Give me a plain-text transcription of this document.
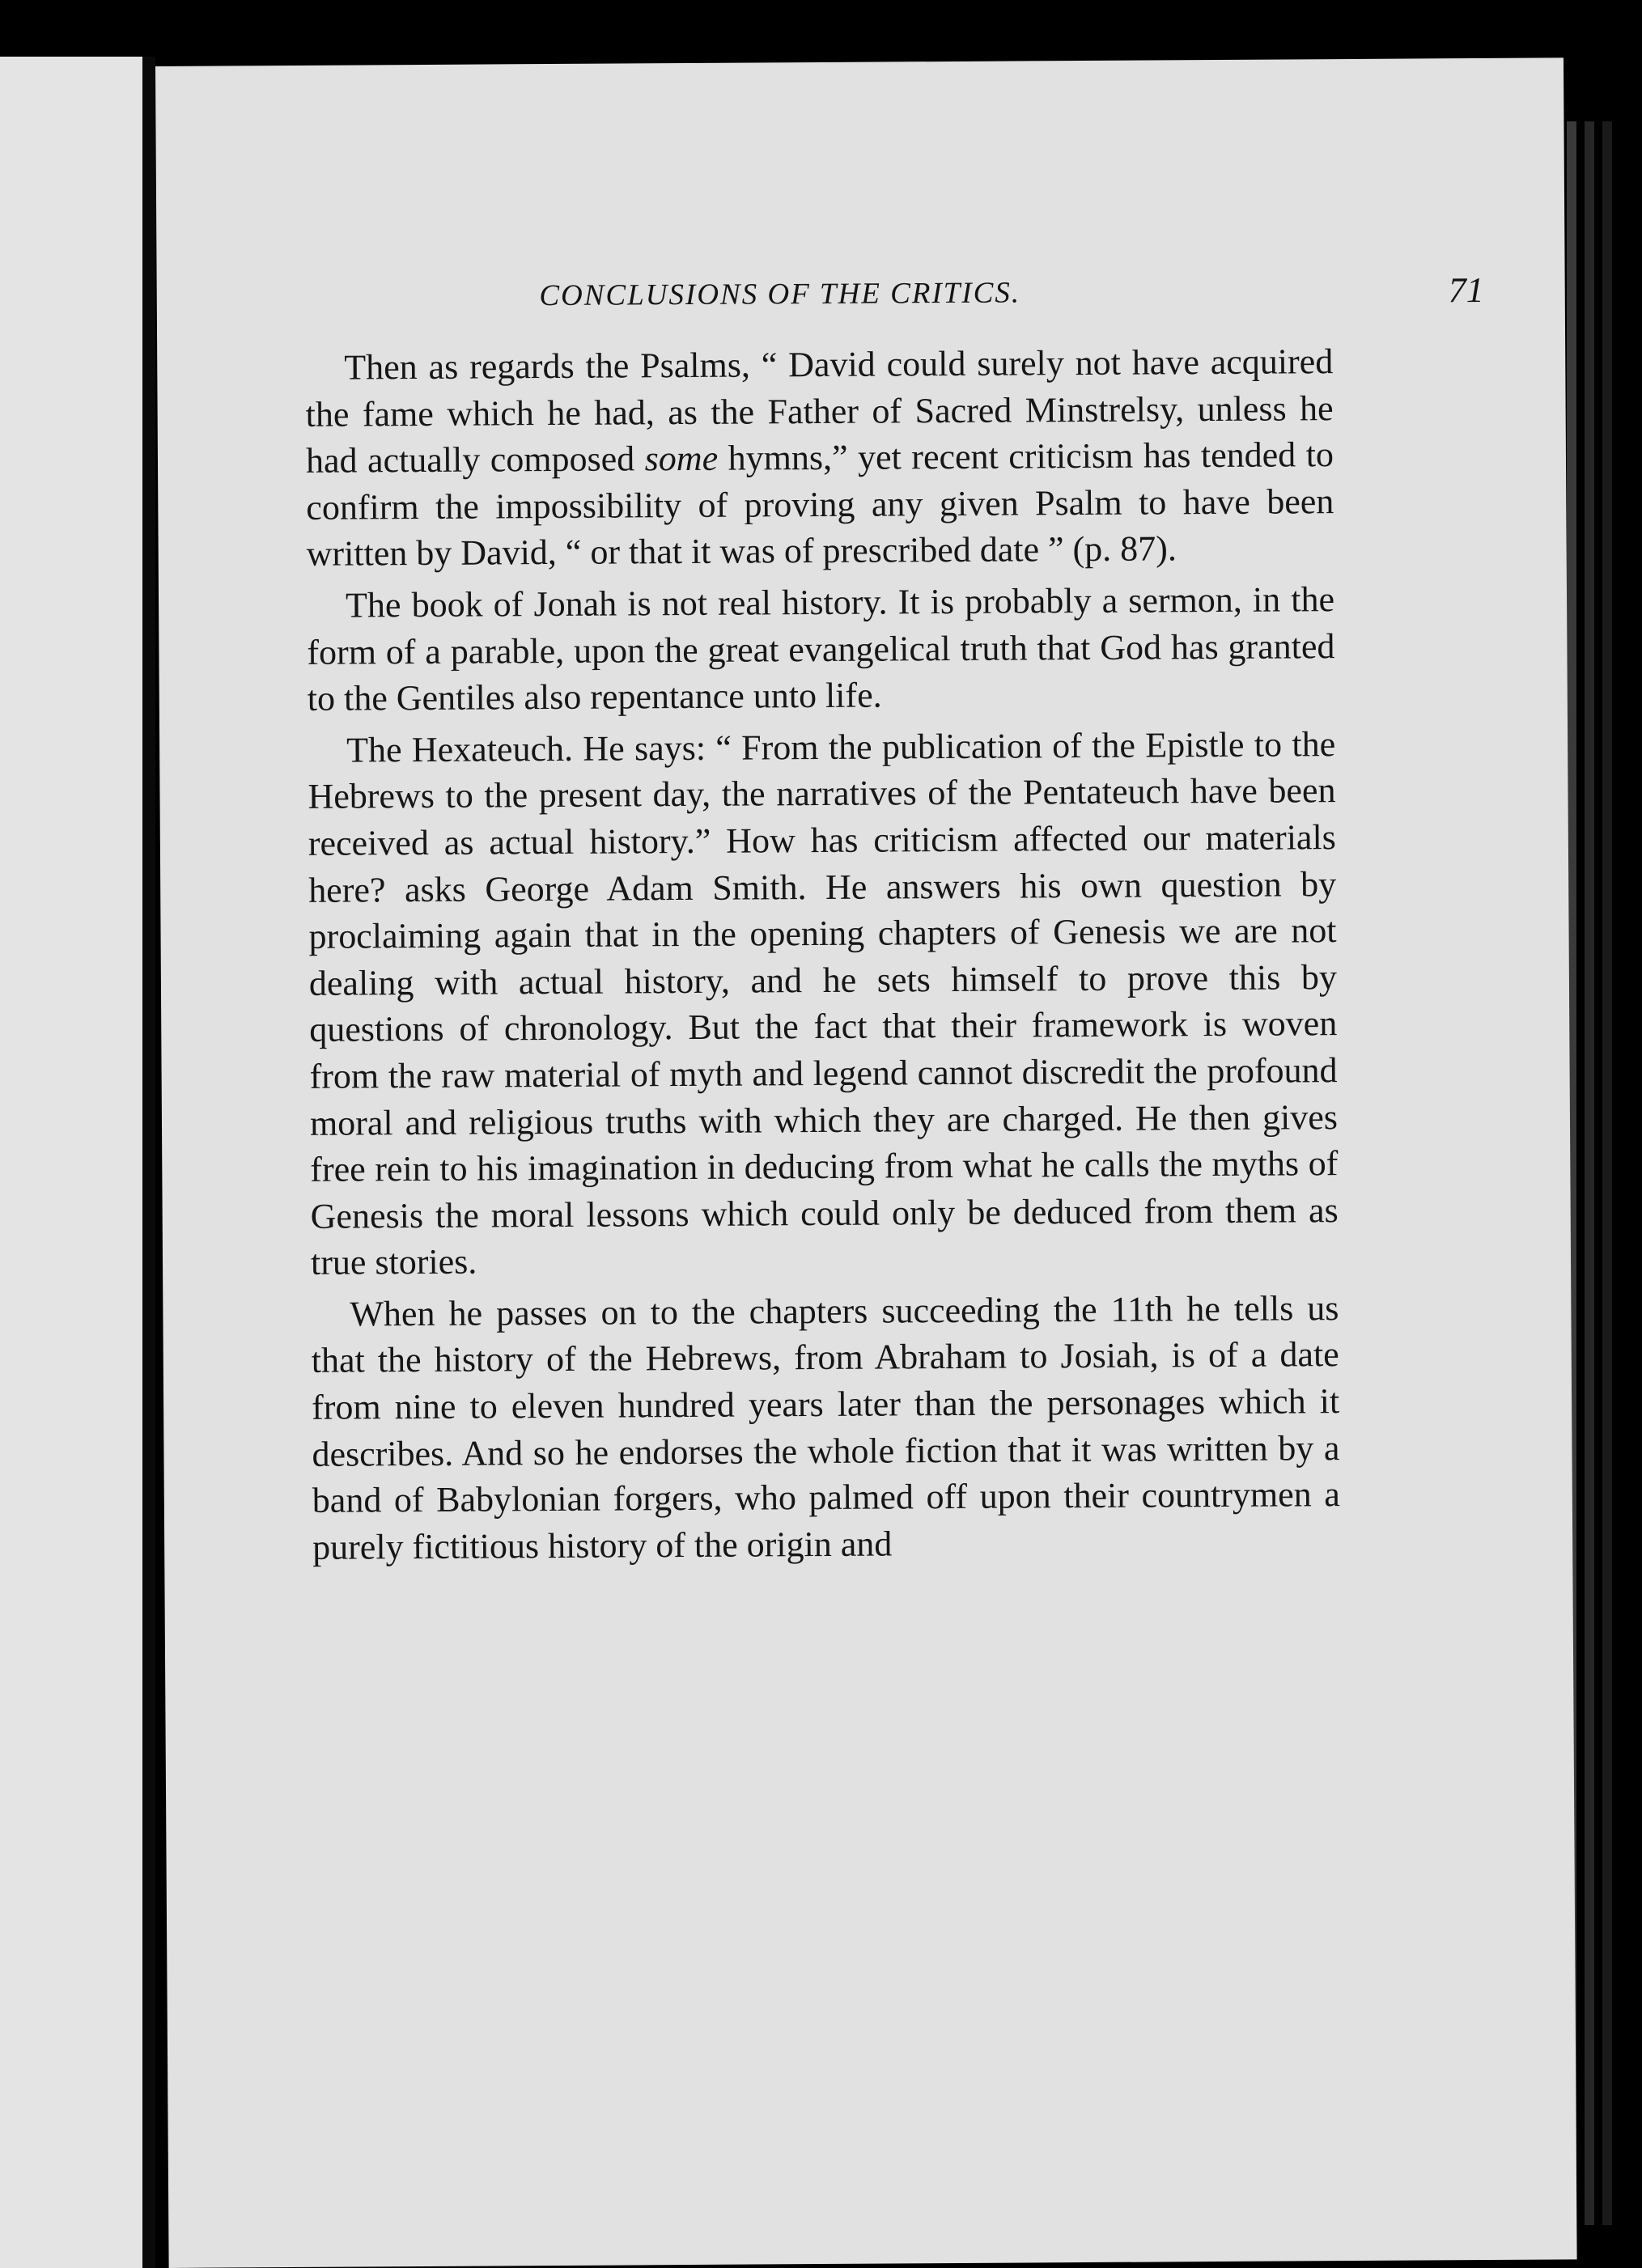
CONCLUSIONS OF THE CRITICS.	71

Then as regards the Psalms, “ David could surely not have acquired the fame which he had, as the Father of Sacred Minstrelsy, unless he had actually composed some hymns,” yet recent criticism has tended to confirm the impossibility of proving any given Psalm to have been written by David, “ or that it was of prescribed date ” (p. 87).

The book of Jonah is not real history. It is probably a sermon, in the form of a parable, upon the great evangelical truth that God has granted to the Gentiles also repentance unto life.

The Hexateuch. He says: “ From the publication of the Epistle to the Hebrews to the present day, the narratives of the Pentateuch have been received as actual history.” How has criticism affected our materials here? asks George Adam Smith. He answers his own question by proclaiming again that in the opening chapters of Genesis we are not dealing with actual history, and he sets himself to prove this by questions of chronology. But the fact that their framework is woven from the raw material of myth and legend cannot discredit the profound moral and religious truths with which they are charged. He then gives free rein to his imagination in deducing from what he calls the myths of Genesis the moral lessons which could only be deduced from them as true stories.

When he passes on to the chapters succeeding the 11th he tells us that the history of the Hebrews, from Abraham to Josiah, is of a date from nine to eleven hundred years later than the personages which it describes. And so he endorses the whole fiction that it was written by a band of Babylonian forgers, who palmed off upon their countrymen a purely fictitious history of the origin and
